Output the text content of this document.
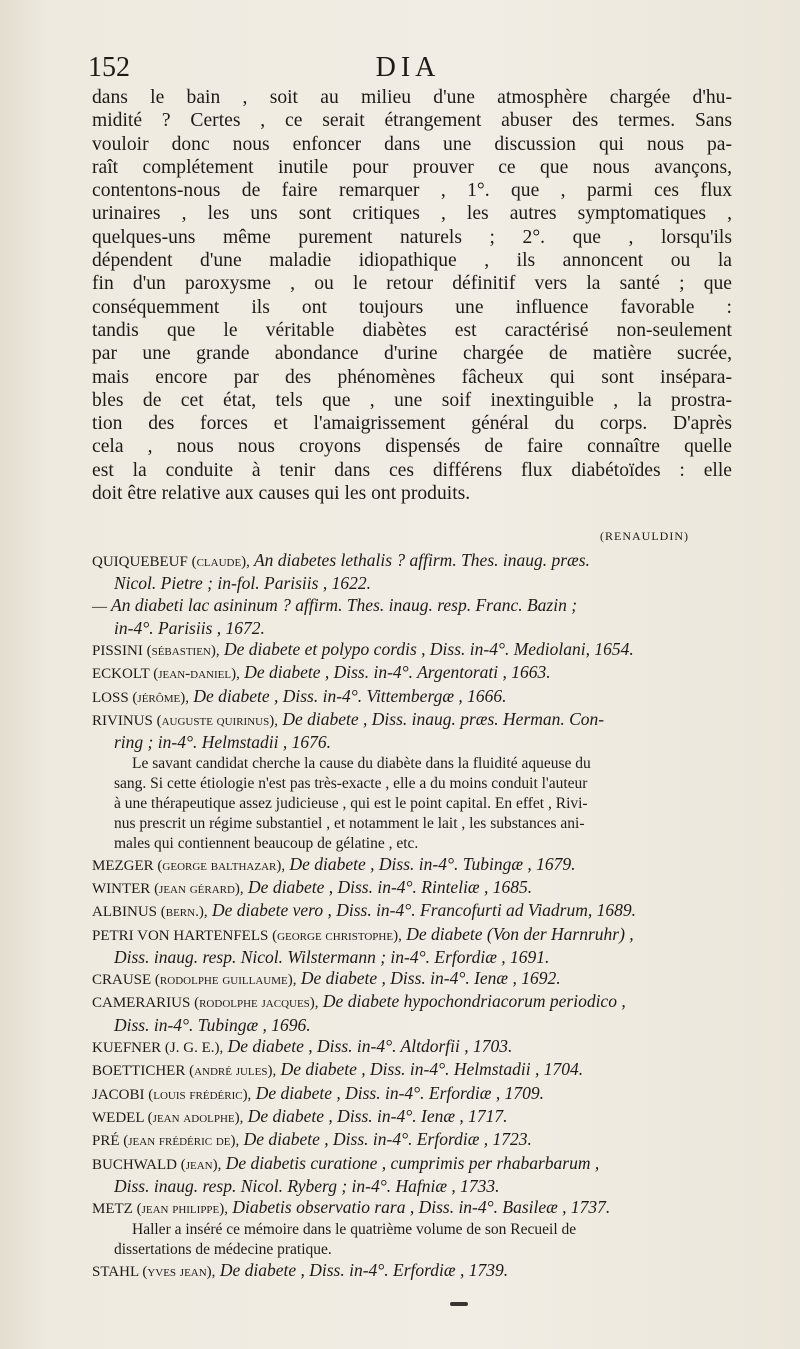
152	DIA

dans le bain , soit au milieu d'une atmosphère chargée d'hu-
midité ? Certes , ce serait étrangement abuser des termes. Sans
vouloir donc nous enfoncer dans une discussion qui nous pa-
raît complétement inutile pour prouver ce que nous avançons,
contentons-nous de faire remarquer , 1°. que , parmi ces flux
urinaires , les uns sont critiques , les autres symptomatiques ,
quelques-uns même purement naturels ; 2°. que , lorsqu'ils
dépendent d'une maladie idiopathique , ils annoncent ou la
fin d'un paroxysme , ou le retour définitif vers la santé ; que
conséquemment ils ont toujours une influence favorable :
tandis que le véritable diabètes est caractérisé non-seulement
par une grande abondance d'urine chargée de matière sucrée,
mais encore par des phénomènes fâcheux qui sont insépara-
bles de cet état, tels que , une soif inextinguible , la prostra-
tion des forces et l'amaigrissement général du corps. D'après
cela , nous nous croyons dispensés de faire connaître quelle
est la conduite à tenir dans ces différens flux diabétoïdes : elle
doit être relative aux causes qui les ont produits.

(RENAULDIN)
QUIQUEBEUF (claude), An diabetes lethalis ? affirm. Thes. inaug. præs.
Nicol. Pietre ; in-fol. Parisiis , 1622.
— An diabeti lac asininum ? affirm. Thes. inaug. resp. Franc. Bazin ;
in-4°. Parisiis , 1672.
PISSINI (sébastien), De diabete et polypo cordis , Diss. in-4°. Mediolani, 1654.
ECKOLT (jean-daniel), De diabete , Diss. in-4°. Argentorati , 1663.
LOSS (jérôme), De diabete , Diss. in-4°. Vittembergæ , 1666.
RIVINUS (auguste quirinus), De diabete , Diss. inaug. præs. Herman. Con-
ring ; in-4°. Helmstadii , 1676.
Le savant candidat cherche la cause du diabète dans la fluidité aqueuse du
sang. Si cette étiologie n'est pas très-exacte , elle a du moins conduit l'auteur
à une thérapeutique assez judicieuse , qui est le point capital. En effet , Rivi-
nus prescrit un régime substantiel , et notamment le lait , les substances ani-
males qui contiennent beaucoup de gélatine , etc.
MEZGER (george balthazar), De diabete , Diss. in-4°. Tubingæ , 1679.
WINTER (jean gérard), De diabete , Diss. in-4°. Rinteliæ , 1685.
ALBINUS (bern.), De diabete vero , Diss. in-4°. Francofurti ad Viadrum, 1689.
PETRI VON HARTENFELS (george christophe), De diabete (Von der Harnruhr) ,
Diss. inaug. resp. Nicol. Wilstermann ; in-4°. Erfordiæ , 1691.
CRAUSE (rodolphe guillaume), De diabete , Diss. in-4°. Ienæ , 1692.
CAMERARIUS (rodolphe jacques), De diabete hypochondriacorum periodico ,
Diss. in-4°. Tubingæ , 1696.
KUEFNER (J. G. E.), De diabete , Diss. in-4°. Altdorfii , 1703.
BOETTICHER (andré jules), De diabete , Diss. in-4°. Helmstadii , 1704.
JACOBI (louis frédéric), De diabete , Diss. in-4°. Erfordiæ , 1709.
WEDEL (jean adolphe), De diabete , Diss. in-4°. Ienæ , 1717.
PRÉ (jean frédéric de), De diabete , Diss. in-4°. Erfordiæ , 1723.
BUCHWALD (jean), De diabetis curatione , cumprimis per rhabarbarum ,
Diss. inaug. resp. Nicol. Ryberg ; in-4°. Hafniæ , 1733.
METZ (jean philippe), Diabetis observatio rara , Diss. in-4°. Basileæ , 1737.
Haller a inséré ce mémoire dans le quatrième volume de son Recueil de
dissertations de médecine pratique.
STAHL (yves jean), De diabete , Diss. in-4°. Erfordiæ , 1739.
